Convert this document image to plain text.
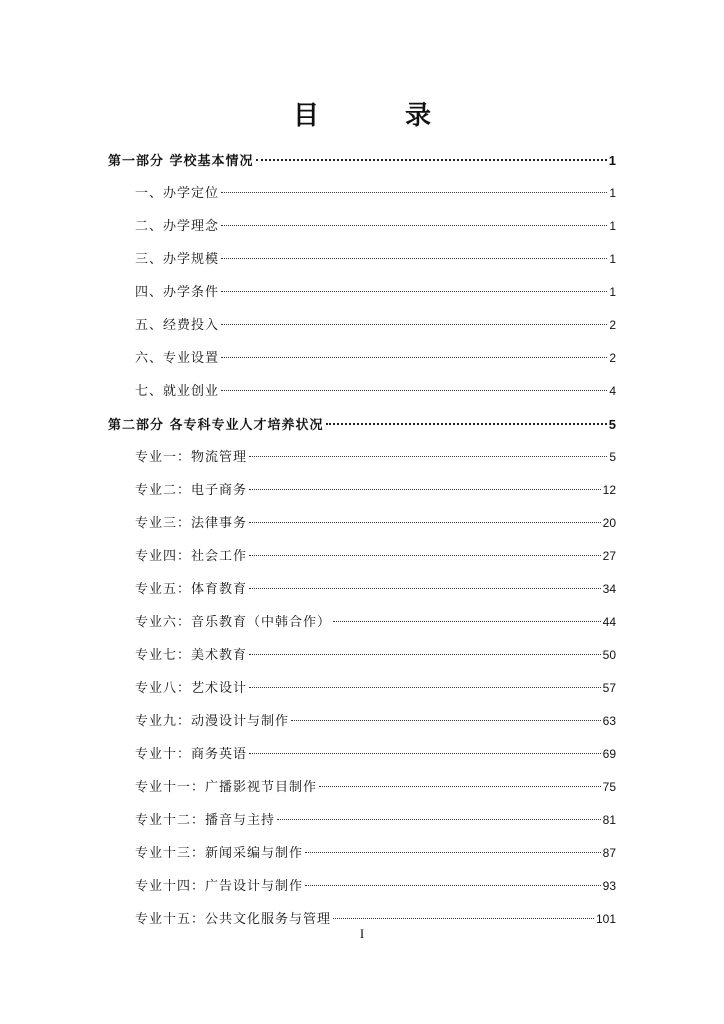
目　录
第一部分 学校基本情况	1
一、办学定位	1
二、办学理念	1
三、办学规模	1
四、办学条件	1
五、经费投入	2
六、专业设置	2
七、就业创业	4
第二部分 各专科专业人才培养状况	5
专业一：物流管理	5
专业二：电子商务	12
专业三：法律事务	20
专业四：社会工作	27
专业五：体育教育	34
专业六：音乐教育（中韩合作）	44
专业七：美术教育	50
专业八：艺术设计	57
专业九：动漫设计与制作	63
专业十：商务英语	69
专业十一：广播影视节目制作	75
专业十二：播音与主持	81
专业十三：新闻采编与制作	87
专业十四：广告设计与制作	93
专业十五：公共文化服务与管理	101
I
